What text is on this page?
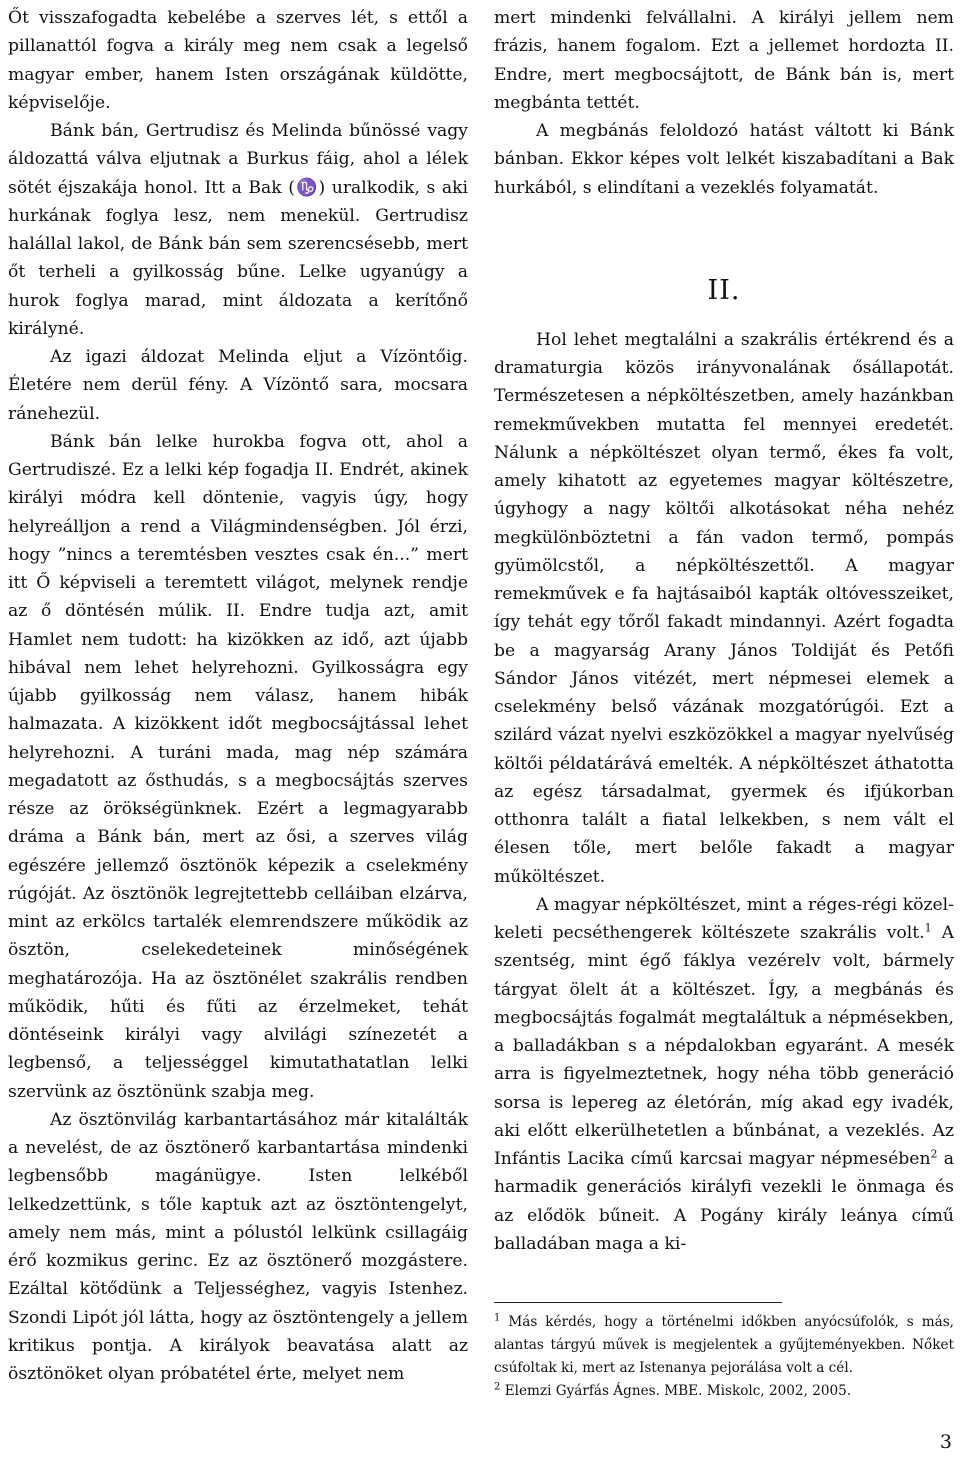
Őt visszafogadta kebelébe a szerves lét, s ettől a pillanattól fogva a király meg nem csak a legelső magyar ember, hanem Isten országának küldötte, képviselője.

Bánk bán, Gertrudisz és Melinda bűnössé vagy áldozattá válva eljutnak a Burkus fáig, ahol a lélek sötét éjszakája honol. Itt a Bak (♑) uralkodik, s aki hurkának foglya lesz, nem menekül. Gertrudisz halállal lakol, de Bánk bán sem szerencsésebb, mert őt terheli a gyilkosság bűne. Lelke ugyanúgy a hurok foglya marad, mint áldozata a kerítőnő királyné.

Az igazi áldozat Melinda eljut a Vízöntőig. Életére nem derül fény. A Vízöntő sara, mocsara ránehezül.

Bánk bán lelke hurokba fogva ott, ahol a Gertrudiszé. Ez a lelki kép fogadja II. Endrét, akinek királyi módra kell döntenie, vagyis úgy, hogy helyreálljon a rend a Világmindenségben. Jól érzi, hogy ”nincs a teremtésben vesztes csak én...” mert itt Ő képviseli a teremtett világot, melynek rendje az ő döntésén múlik. II. Endre tudja azt, amit Hamlet nem tudott: ha kizökken az idő, azt újabb hibával nem lehet helyrehozni. Gyilkosságra egy újabb gyilkosság nem válasz, hanem hibák halmazata. A kizökkent időt megbocsájtással lehet helyrehozni. A turáni mada, mag nép számára megadatott az ősthudás, s a megbocsájtás szerves része az örökségünknek. Ezért a legmagyarabb dráma a Bánk bán, mert az ősi, a szerves világ egészére jellemző ösztönök képezik a cselekmény rúgóját. Az ösztönök legrejtettebb celláiban elzárva, mint az erkölcs tartalék elemrendszere működik az ösztön, cselekedeteinek minőségének meghatározója. Ha az ösztönélet szakrális rendben működik, hűti és fűti az érzelmeket, tehát döntéseink királyi vagy alvilági színezetét a legbenső, a teljességgel kimutathatatlan lelki szervünk az ösztönünk szabja meg.

Az ösztönvilág karbantartásához már kitalálták a nevelést, de az ösztönerő karbantartása mindenki legbensőbb magánügye. Isten lelkéből lelkedzettünk, s tőle kaptuk azt az ösztöntengelyt, amely nem más, mint a pólustól lelkünk csillagáig érő kozmikus gerinc. Ez az ösztönerő mozgástere. Ezáltal kötődünk a Teljességhez, vagyis Istenhez. Szondi Lipót jól látta, hogy az ösztöntengely a jellem kritikus pontja. A királyok beavatása alatt az ösztönöket olyan próbatétel érte, melyet nem

mert mindenki felvállalni. A királyi jellem nem frázis, hanem fogalom. Ezt a jellemet hordozta II. Endre, mert megbocsájtott, de Bánk bán is, mert megbánta tettét.

A megbánás feloldozó hatást váltott ki Bánk bánban. Ekkor képes volt lelkét kiszabadítani a Bak hurkából, s elindítani a vezeklés folyamatát.

II.

Hol lehet megtalálni a szakrális értékrend és a dramaturgia közös irányvonalának ősállapotát. Természetesen a népköltészetben, amely hazánkban remekművekben mutatta fel mennyei eredetét. Nálunk a népköltészet olyan termő, ékes fa volt, amely kihatott az egyetemes magyar költészetre, úgyhogy a nagy költői alkotásokat néha nehéz megkülönböztetni a fán vadon termő, pompás gyümölcstől, a népköltészettől. A magyar remekművek e fa hajtásaiból kapták oltóvesszeiket, így tehát egy tőről fakadt mindannyi. Azért fogadta be a magyarság Arany János Toldiját és Petőfi Sándor János vitézét, mert népmesei elemek a cselekmény belső vázának mozgatórúgói. Ezt a szilárd vázat nyelvi eszközökkel a magyar nyelvűség költői példatárává emelték. A népköltészet áthatotta az egész társadalmat, gyermek és ifjúkorban otthonra talált a fiatal lelkekben, s nem vált el élesen tőle, mert belőle fakadt a magyar műköltészet.

A magyar népköltészet, mint a réges-régi közel-keleti pecséthengerek költészete szakrális volt.$^1$ A szentség, mint égő fáklya vezérelv volt, bármely tárgyat ölelt át a költészet. Így, a megbánás és megbocsájtás fogalmát megtaláltuk a népmésekben, a balladákban s a népdalokban egyaránt. A mesék arra is figyelmeztetnek, hogy néha több generáció sorsa is lepereg az életórán, míg akad egy ivadék, aki előtt elkerülhetetlen a bűnbánat, a vezeklés. Az Infántis Lacika című karcsai magyar népmesében$^2$ a harmadik generációs királyfi vezekli le önmaga és az elődök bűneit. A Pogány király leánya című balladában maga a ki-

$^1$ Más kérdés, hogy a történelmi időkben anyócsúfolók, s más, alantas tárgyú művek is megjelentek a gyűjteményekben. Nőket csúfoltak ki, mert az Istenanya pejorálása volt a cél.

$^2$ Elemzi Gyárfás Ágnes. MBE. Miskolc, 2002, 2005.

3
